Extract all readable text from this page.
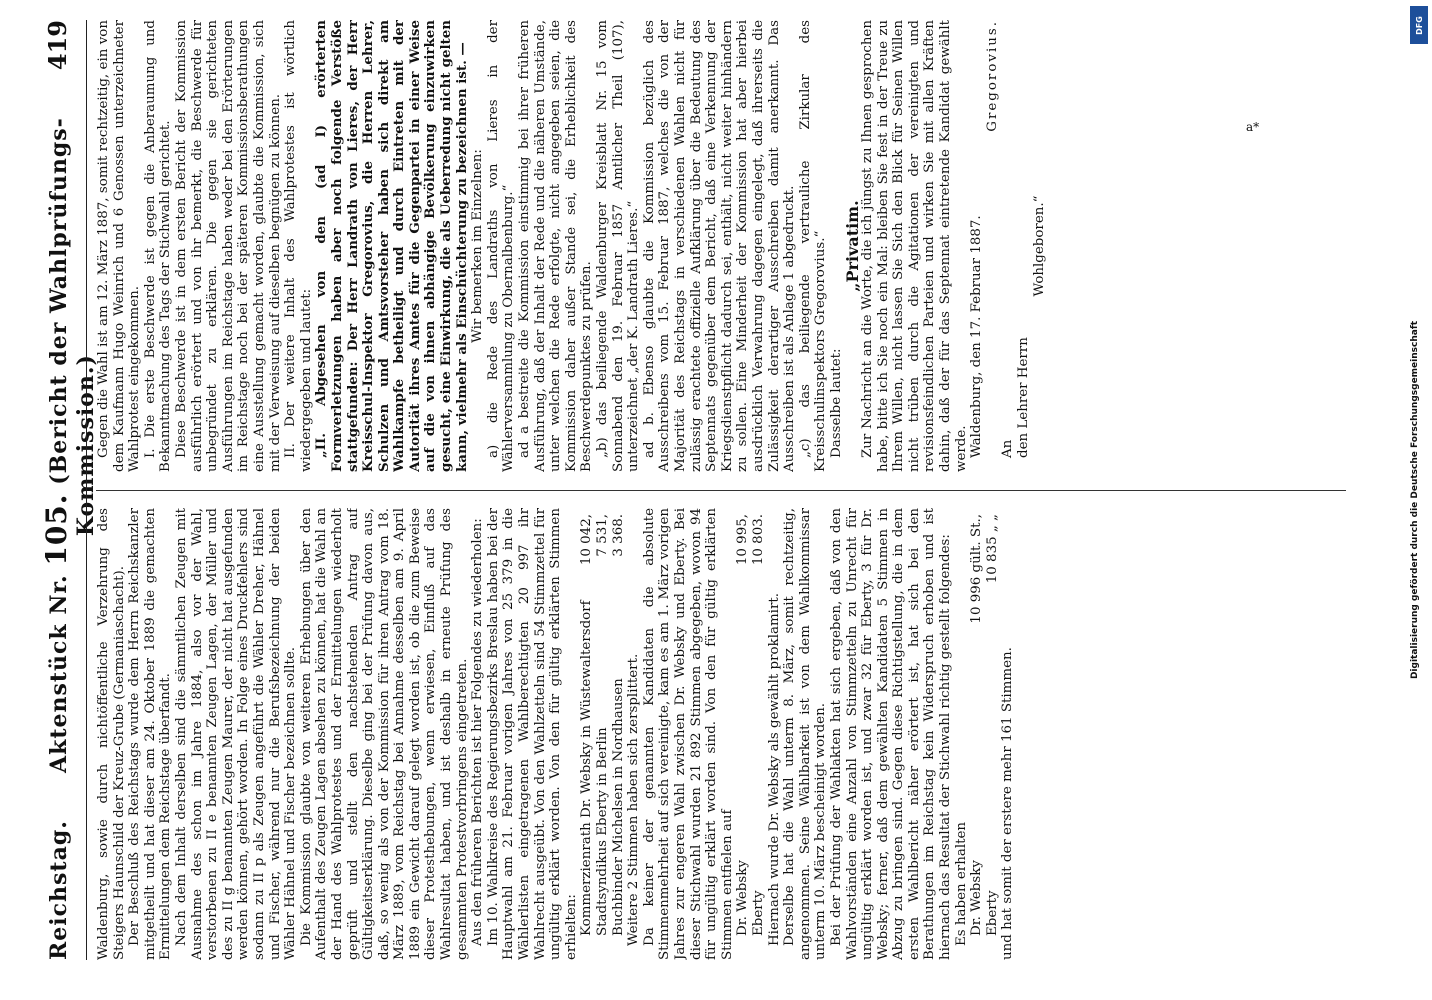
Reichstag.
Aktenstück Nr. 105. (Bericht der Wahlprüfungs-Kommission.)
419

Waldenburg, sowie durch nichtöffentliche Verzehrung des Steigers Haunschild der Kreuz-Grube (Germaniaschacht). Der Beschluß des Reichstags wurde dem Herrn Reichskanzler mitgetheilt und hat dieser am 24. Oktober 1889 die gemachten Ermittelungen dem Reichstage überfandt. Nach dem Inhalt derselben sind die sämmtlichen Zeugen mit Ausnahme des schon im Jahre 1884, also vor der Wahl, verstorbenen zu II e benannten Zeugen Lagen, der Müller und des zu II g benannten Zeugen Maurer, der nicht hat ausgefunden werden können, gehört worden. In Folge eines Druckfehlers sind sodann zu II p als Zeugen angeführt die Wähler Dreher, Hähnel und Fischer, während nur die Berufsbezeichnung der beiden Wähler Hähnel und Fischer bezeichnen sollte. Die Kommission glaubte von weiteren Erhebungen über den Aufenthalt des Zeugen Lagen absehen zu können, hat die Wahl an der Hand des Wahlprotestes und der Ermittelungen wiederholt geprüft und stellt den nachstehenden Antrag auf Gültigkeitserklärung. Dieselbe ging bei der Prüfung davon aus, daß, so wenig als von der Kommission für ihren Antrag vom 18. März 1889, vom Reichstag bei Annahme desselben am 9. April 1889 ein Gewicht darauf gelegt worden ist, ob die zum Beweise dieser Protesthebungen, wenn erwiesen, Einfluß auf das Wahlresultat haben, und ist deshalb in erneute Prüfung des gesammten Protestvorbringens eingetreten. Aus den früheren Berichten ist hier Folgendes zu wiederholen: Im 10. Wahlkreise des Regierungsbezirks Breslau haben bei der Hauptwahl am 21. Februar vorigen Jahres von 25 379 in die Wählerlisten eingetragenen Wahlberechtigten 20 997 ihr Wahlrecht ausgeübt. Von den Wahlzetteln sind 54 Stimmzettel für ungültig erklärt worden. Von den für gültig erklärten Stimmen erhielten: Kommerzienrath Dr. Websky in Wüstewaltersdorf
10 042,
Stadtsyndikus Eberty in Berlin
7 531,
Buchbinder Michelsen in Nordhausen
3 368.

Weitere 2 Stimmen haben sich zersplittert. Da keiner der genannten Kandidaten die absolute Stimmenmehrheit auf sich vereinigte, kam es am 1. März vorigen Jahres zur engeren Wahl zwischen Dr. Websky und Eberty. Bei dieser Stichwahl wurden 21 892 Stimmen abgegeben, wovon 94 für ungültig erklärt worden sind. Von den für gültig erklärten Stimmen entfielen auf Dr. Websky
10 995,
Eberty
10 803.

Hiernach wurde Dr. Websky als gewählt proklamirt. Derselbe hat die Wahl unterm 8. März, somit rechtzeitig, angenommen. Seine Wählbarkeit ist von dem Wahlkommissar unterm 10. März bescheinigt worden. Bei der Prüfung der Wahlakten hat sich ergeben, daß von den Wahlvorständen eine Anzahl von Stimmzetteln zu Unrecht für ungültig erklärt worden ist, und zwar 32 für Eberty, 3 für Dr. Websky; ferner, daß dem gewählten Kandidaten 5 Stimmen in Abzug zu bringen sind. Gegen diese Richtigstellung, die in dem ersten Wahlbericht näher erörtert ist, hat sich bei den Berathungen im Reichstag kein Widerspruch erhoben und ist hiernach das Resultat der Stichwahl richtig gestellt folgendes: Es haben erhalten Dr. Websky
10 996 gült. St.,
Eberty
10 835 „ „

und hat somit der erstere mehr 161 Stimmen.

Gegen die Wahl ist am 12. März 1887, somit rechtzeitig, ein von dem Kaufmann Hugo Weinrich und 6 Genossen unterzeichneter Wahlprotest eingekommen. I. Die erste Beschwerde ist gegen die Anberaumung und Bekanntmachung des Tags der Stichwahl gerichtet. Diese Beschwerde ist in dem ersten Bericht der Kommission ausführlich erörtert und von ihr bemerkt, die Beschwerde für unbegründet zu erklären. Die gegen sie gerichteten Ausführungen im Reichstage haben weder bei den Erörterungen im Reichstage noch bei der späteren Kommissionsberathungen eine Ausstellung gemacht worden, glaubte die Kommission, sich mit der Verweisung auf dieselben begnügen zu können. II. Der weitere Inhalt des Wahlprotestes ist wörtlich wiedergegeben und lautet: „II. Abgesehen von den (ad I) erörterten Formverletzungen haben aber noch folgende Verstöße stattgefunden: Der Herr Landrath von Lieres, der Herr Kreisschul-Inspektor Gregorovius, die Herren Lehrer, Schulzen und Amtsvorsteher haben sich direkt am Wahlkampfe betheiligt und durch Eintreten mit der Autorität ihres Amtes für die Gegenpartei in einer Weise auf die von ihnen abhängige Bevölkerung einzuwirken gesucht, eine Einwirkung, die als Ueberredung nicht gelten kann, vielmehr als Einschüchterung zu bezeichnen ist. — Wir bemerken im Einzelnen: a) die Rede des Landraths von Lieres in der Wählerversammlung zu Obernalbenburg.“ ad a bestreite die Kommission einstimmig bei ihrer früheren Ausführung, daß der Inhalt der Rede und die näheren Umstände, unter welchen die Rede erfolgte, nicht angegeben seien, die Kommission daher außer Stande sei, die Erheblichkeit des Beschwerdepunktes zu prüfen. „b) das beiliegende Waldenburger Kreisblatt Nr. 15 vom Sonnabend den 19. Februar 1857 Amtlicher Theil (107), unterzeichnet „der K. Landrath Lieres.“ ad b. Ebenso glaubte die Kommission bezüglich des Ausschreibens vom 15. Februar 1887, welches die von der Majorität des Reichstags in verschiedenen Wahlen nicht für zulässig erachtete offizielle Aufklärung über die Bedeutung des Septennats gegenüber dem Bericht, daß eine Verkennung der Kriegsdienstpflicht dadurch sei, enthält, nicht weiter hinhändern zu sollen. Eine Minderheit der Kommission hat aber hierbei ausdrücklich Verwahrung dagegen eingelegt, daß ihrerseits die Zulässigkeit derartiger Ausschreiben damit anerkannt. Das Ausschreiben ist als Anlage 1 abgedruckt. „c) das beiliegende vertrauliche Zirkular des Kreisschulinspektors Gregorovius.“ Dasselbe lautet:

„Privatim.

Zur Nachricht an die Worte, die ich jüngst zu Ihnen gesprochen habe, bitte ich Sie noch ein Mal: bleiben Sie fest in der Treue zu Ihrem Willen, nicht lassen Sie Sich den Blick für Seinen Willen nicht trüben durch die Agitationen der vereinigten und revisionsfeindlichen Parteien und wirken Sie mit allen Kräften dahin, daß der für das Septennat eintretende Kandidat gewählt werde. Waldenburg, den 17. Februar 1887.

Gregorovius.

An den Lehrer Herrn

Wohlgeboren.“

a*
Digitalisierung gefördert durch die Deutsche Forschungsgemeinschaft
DFG
